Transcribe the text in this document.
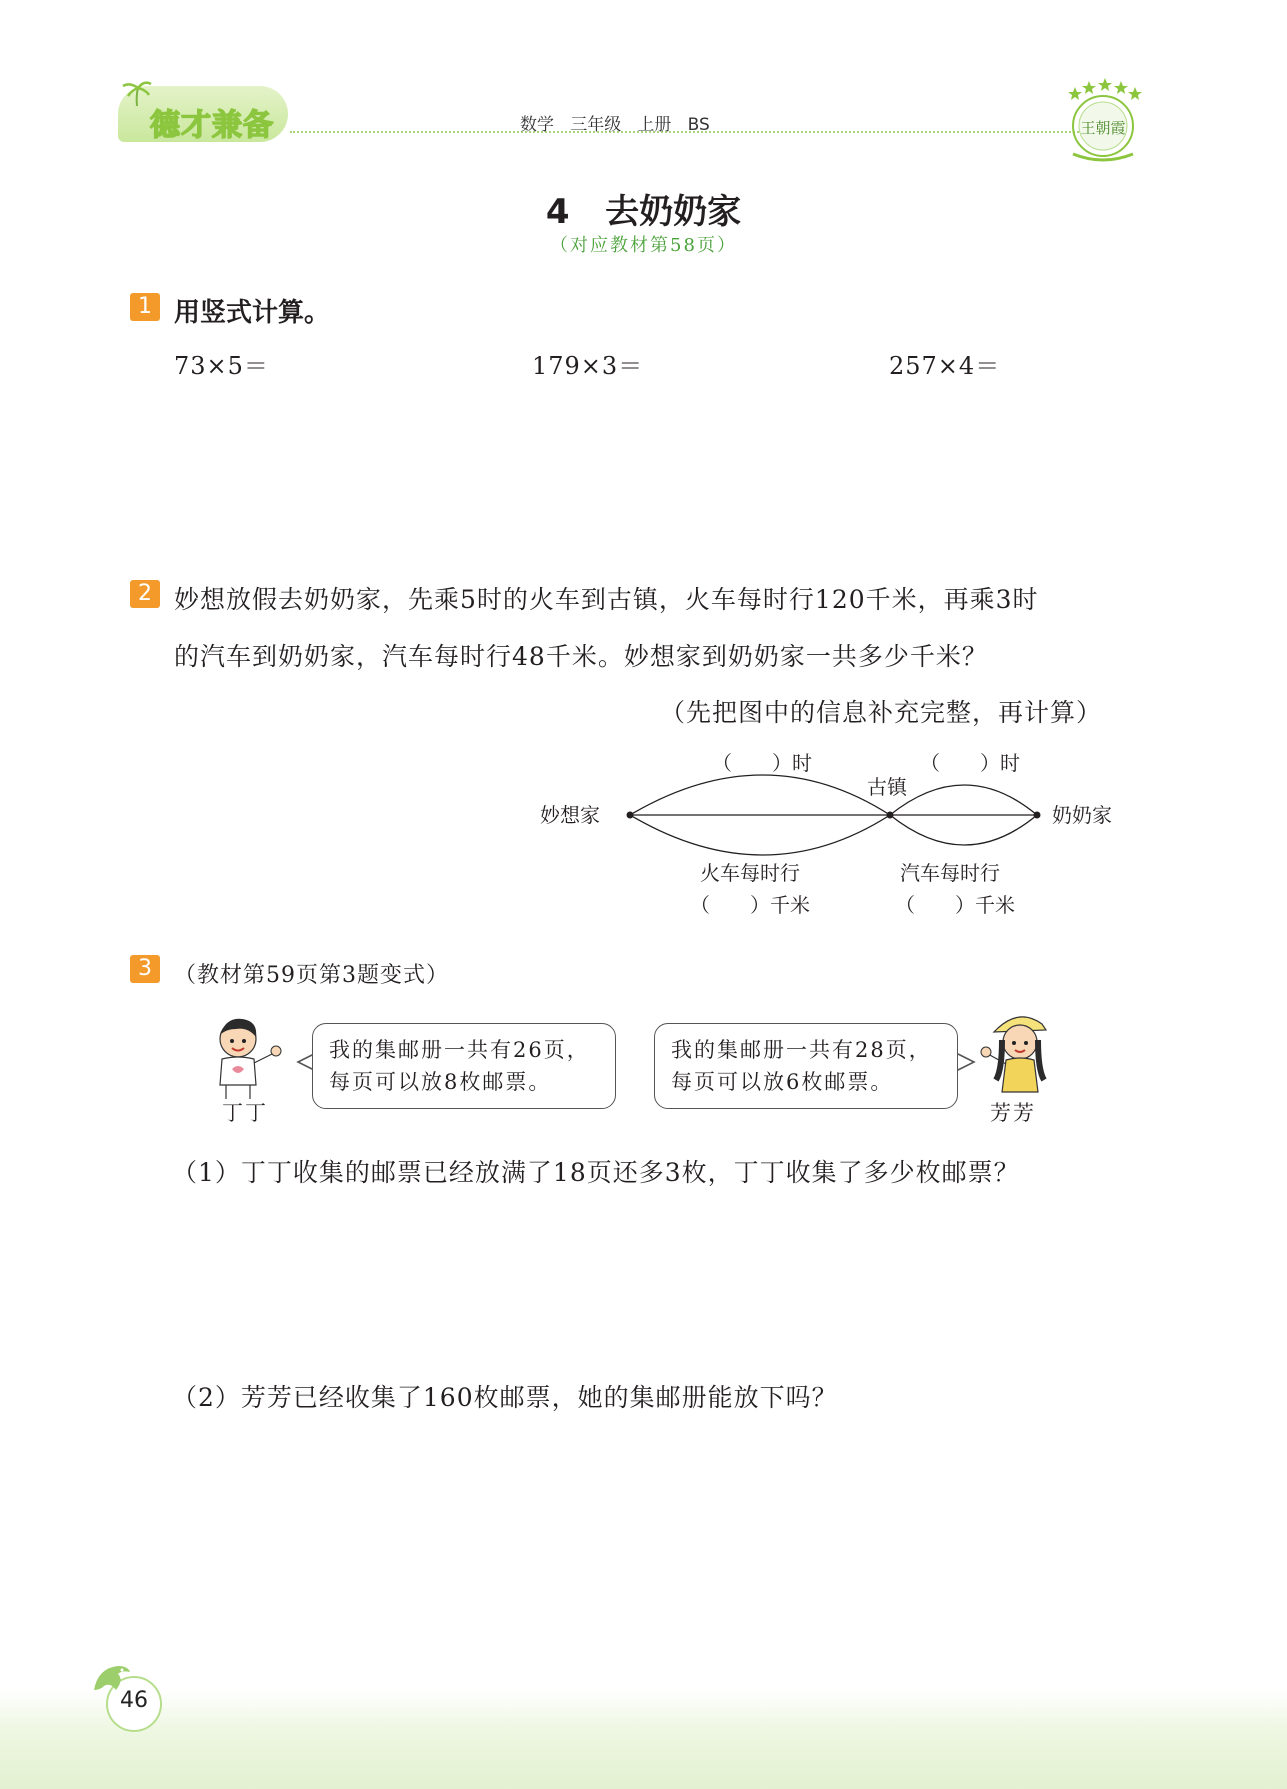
德才兼备	数学   三年级   上册   BS	王朝霞
4   去奶奶家
（对应教材第58页）
1 用竖式计算。
73×5＝	179×3＝	257×4＝
2 妙想放假去奶奶家，先乘5时的火车到古镇，火车每时行120千米，再乘3时
的汽车到奶奶家，汽车每时行48千米。妙想家到奶奶家一共多少千米？
（先把图中的信息补充完整，再计算）
妙想家
古镇
奶奶家
（　　）时	（　　）时
火车每时行
（　　）千米
汽车每时行
（　　）千米
3	（教材第59页第3题变式）
丁丁
我的集邮册一共有26页，
每页可以放8枚邮票。
我的集邮册一共有28页，
每页可以放6枚邮票。
芳芳
（1）丁丁收集的邮票已经放满了18页还多3枚，丁丁收集了多少枚邮票？
（2）芳芳已经收集了160枚邮票，她的集邮册能放下吗？
46
